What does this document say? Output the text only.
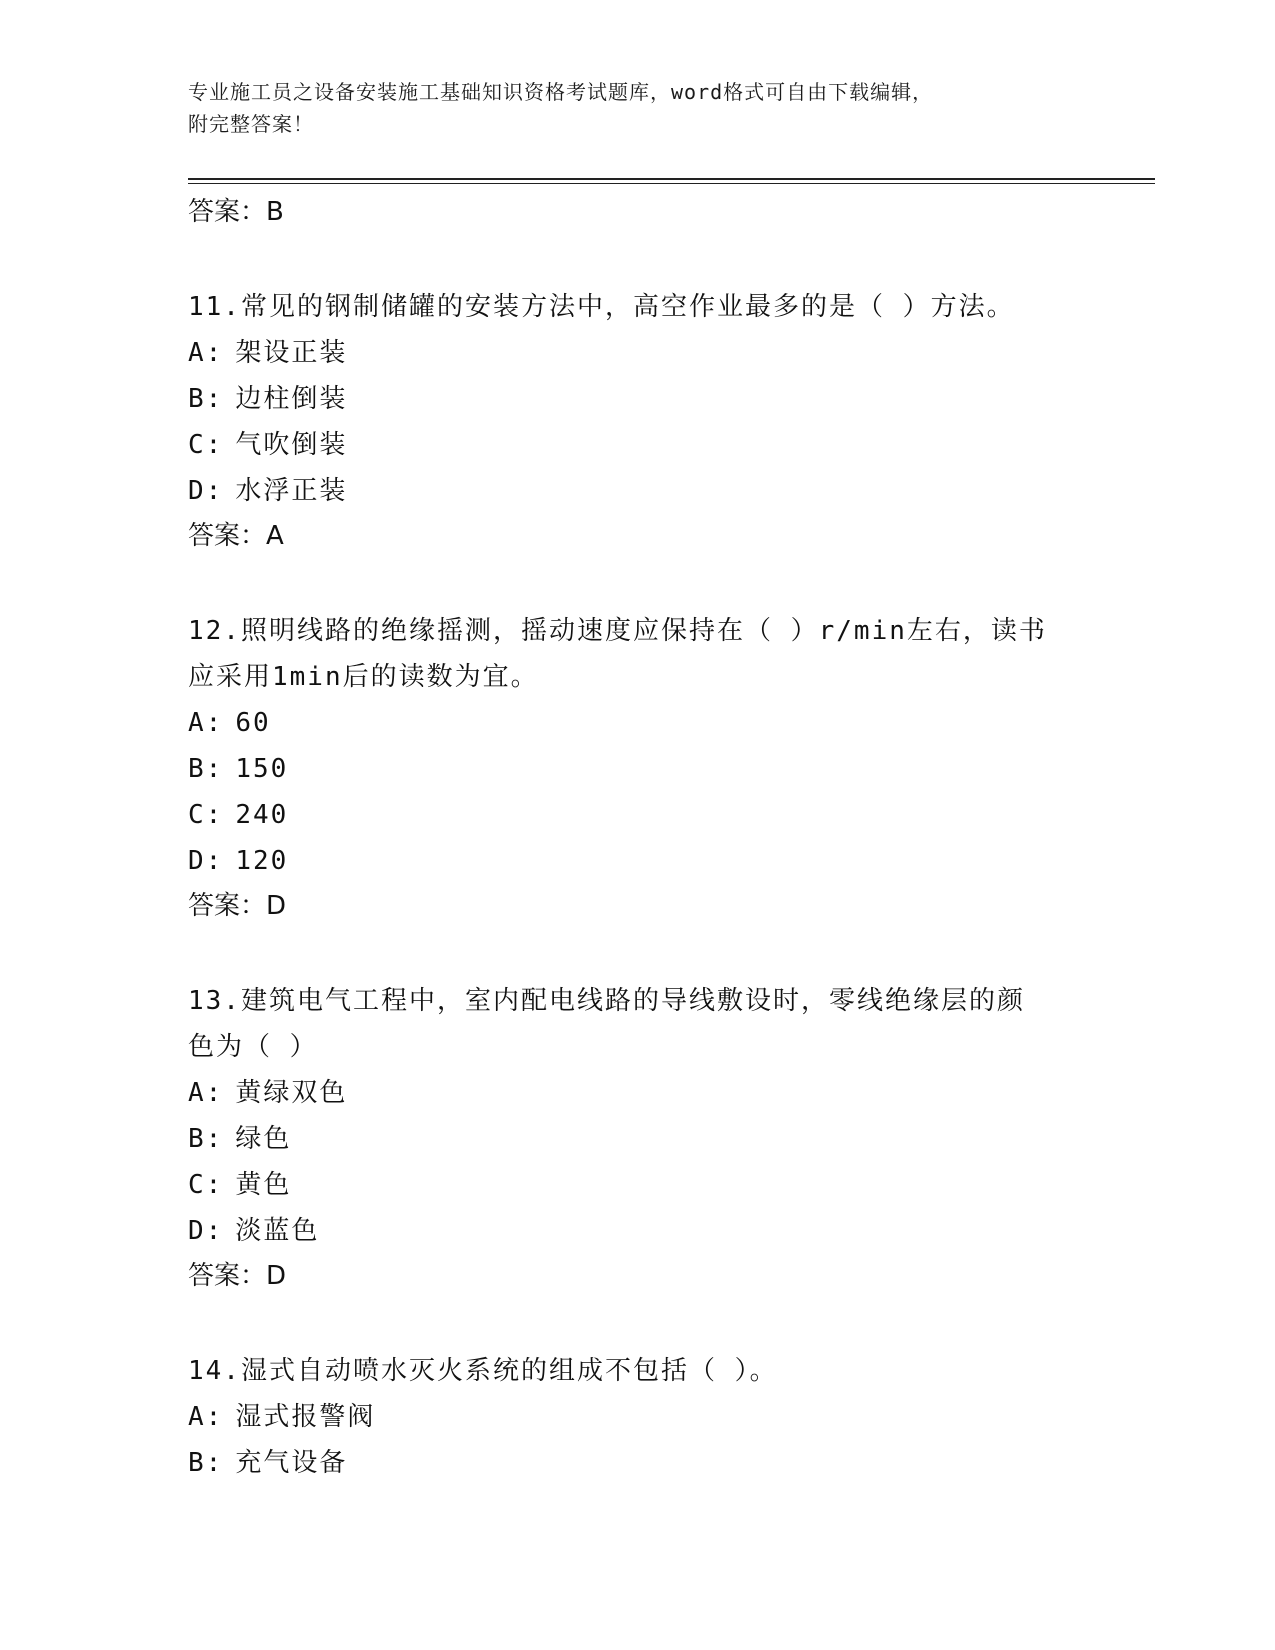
专业施工员之设备安装施工基础知识资格考试题库，word格式可自由下载编辑，
附完整答案！
答案：B
11.常见的钢制储罐的安装方法中，高空作业最多的是（ ）方法。
A: 架设正装
B: 边柱倒装
C: 气吹倒装
D: 水浮正装
答案：A
12.照明线路的绝缘摇测，摇动速度应保持在（ ）r/min左右，读书应采用1min后的读数为宜。
A: 60
B: 150
C: 240
D: 120
答案：D
13.建筑电气工程中，室内配电线路的导线敷设时，零线绝缘层的颜色为（ ）
A: 黄绿双色
B: 绿色
C: 黄色
D: 淡蓝色
答案：D
14.湿式自动喷水灭火系统的组成不包括（ ）。
A: 湿式报警阀
B: 充气设备
